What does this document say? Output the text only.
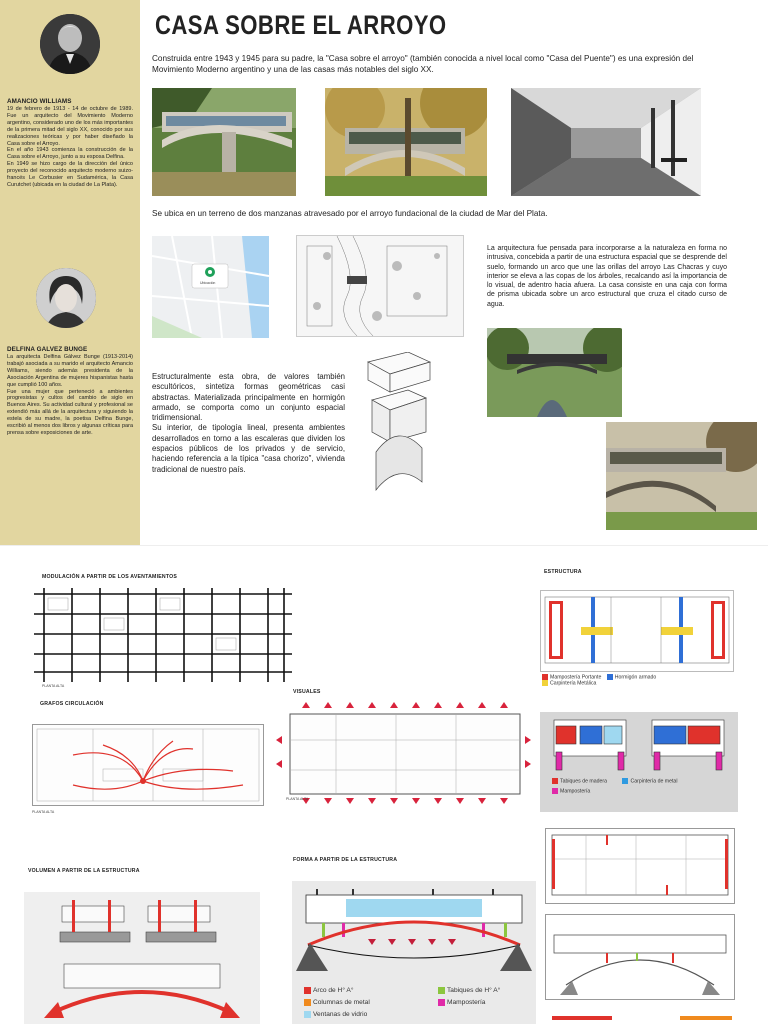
AMANCIO WILLIAMS
19 de febrero de 1913 - 14 de octubre de 1989. Fue un arquitecto del Movimiento Moderno argentino, considerado uno de los más importantes de la primera mitad del siglo XX, conocido por sus realizaciones teóricas y por haber diseñado la Casa sobre el Arroyo.
En el año 1943 comienza la construcción de la Casa sobre el Arroyo, junto a su esposa Delfina.
En 1949 se hizo cargo de la dirección del único proyecto del reconocido arquitecto moderno suizo-francés Le Corbusier en Sudamérica, la Casa Curutchet (ubicada en la ciudad de La Plata).
DELFINA GALVEZ BUNGE
La arquitecta Delfina Gálvez Bunge (1913-2014) trabajó asociada a su marido el arquitecto Amancio Williams, siendo además presidenta de la Asociación Argentina de mujeres hispanistas hasta que cumplió 100 años.
Fue una mujer que perteneció a ambientes progresistas y cultos del cambio de siglo en Buenos Aires. Su actividad cultural y profesional se extendió más allá de la arquitectura y siguiendo la estela de su madre, la poetisa Delfina Bunge, escribió al menos dos libros y algunas críticas para prensa sobre exposiciones de arte.
CASA SOBRE EL ARROYO
Construida entre 1943 y 1945 para su padre, la "Casa sobre el arroyo" (también conocida a nivel local como "Casa del Puente") es una expresión del Movimiento Moderno argentino y una de las casas más notables del siglo XX.
Se ubica en un terreno de dos manzanas atravesado por el arroyo fundacional de la ciudad de Mar del Plata.
Ubicación
La arquitectura fue pensada para incorporarse a la naturaleza en forma no intrusiva, concebida a partir de una estructura espacial que se desprende del suelo, formando un arco que une las orillas del arroyo Las Chacras y cuyo interior se eleva a las copas de los árboles, recalcando así la importancia de lo visual, de adentro hacia afuera. La casa consiste en una caja con forma de prisma ubicada sobre un arco estructural que cruza el citado curso de agua.
Estructuralmente esta obra, de valores también escultóricos, sintetiza formas geométricas casi abstractas. Materializada principalmente en hormigón armado, se comporta como un conjunto espacial tridimensional.
Su interior, de tipología lineal, presenta ambientes desarrollados en torno a las escaleras que dividen los espacios públicos de los privados y de servicio, haciendo referencia a la típica "casa chorizo", vivienda tradicional de nuestro país.
MODULACIÓN A PARTIR DE LOS AVENTAMIENTOS
PLANTA ALTA
ESTRUCTURA
Mampostería Portante	Hormigón armado
Carpintería Metálica
GRAFOS CIRCULACIÓN
PLANTA ALTA
VISUALES
PLANTA ALTA
Tabiques de madera	Carpintería de metal
Mampostería
VOLUMEN A PARTIR DE LA ESTRUCTURA
FORMA A PARTIR DE LA ESTRUCTURA
Arco de H° A°
Columnas de metal
Ventanas de vidrio
Tabiques de H° A°
Mampostería
